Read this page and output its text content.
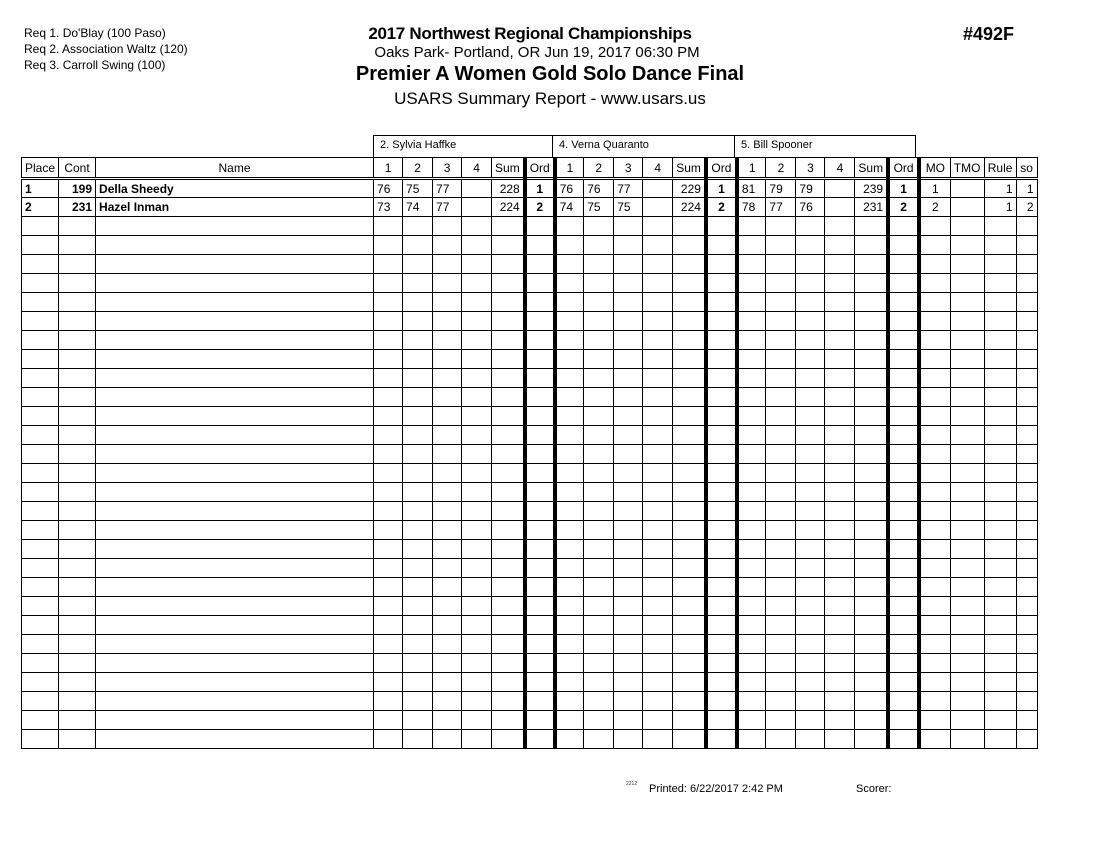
Req 1. Do'Blay (100 Paso)
Req 2. Association Waltz (120)
Req 3. Carroll Swing (100)
2017 Northwest Regional Championships
Oaks Park- Portland, OR Jun 19, 2017 06:30 PM
Premier A Women Gold Solo Dance Final
USARS Summary Report - www.usars.us
#492F
2. Sylvia Haffke	4. Verna Quaranto	5. Bill Spooner
Place	Cont	Name	1	2	3	4	Sum	Ord	1	2	3	4	Sum	Ord	1	2	3	4	Sum	Ord	MO	TMO	Rule	so
1	199	Della Sheedy	76	75	77		228	1	76	76	77		229	1	81	79	79		239	1	1		1	1
2	231	Hazel Inman	73	74	77		224	2	74	75	75		224	2	78	77	76		231	2	2		1	2

2212 Printed: 6/22/2017 2:42 PM	Scorer:
